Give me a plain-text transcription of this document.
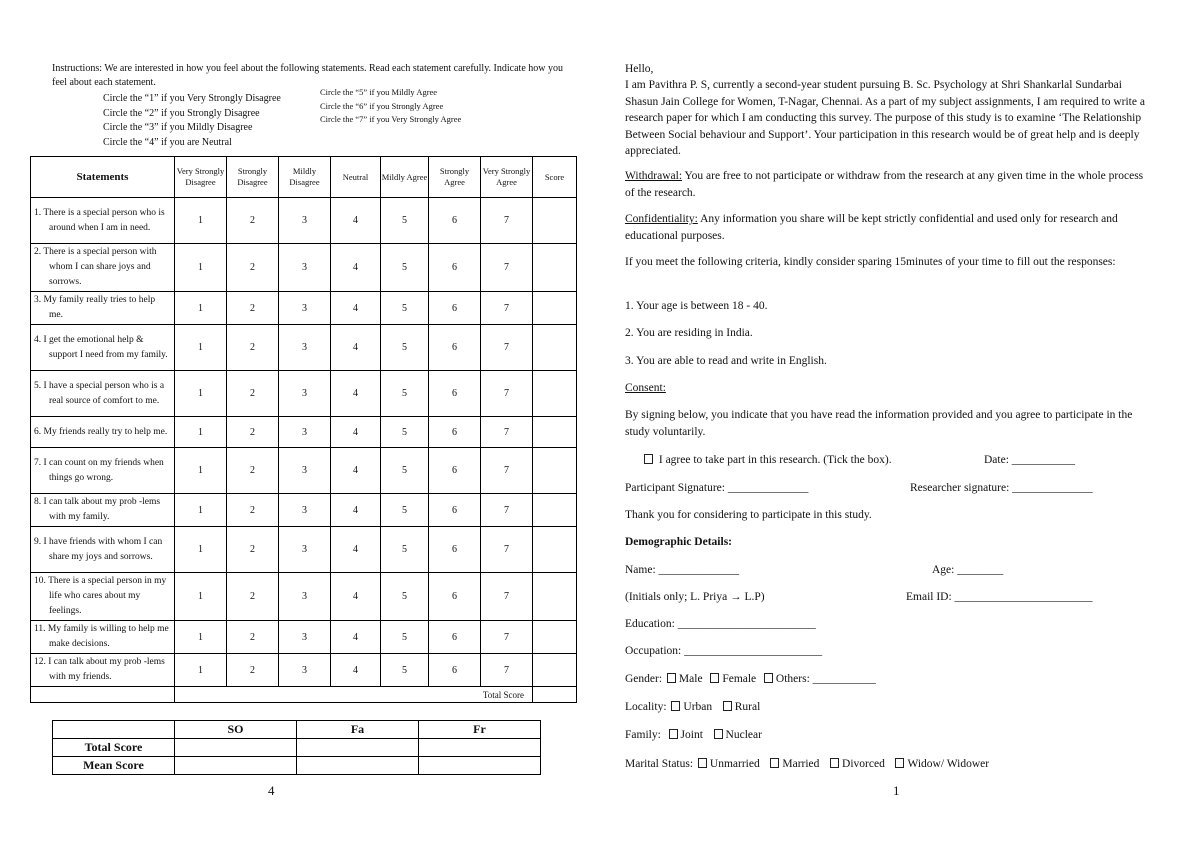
Instructions: We are interested in how you feel about the following statements. Read each statement carefully. Indicate how you feel about each statement.
Circle the “1” if you Very Strongly Disagree
Circle the “2” if you Strongly Disagree
Circle the “3” if you Mildly Disagree
Circle the “4” if you are Neutral
Circle the “5” if you Mildly Agree
Circle the “6” if you Strongly Agree
Circle the “7” if you Very Strongly Agree
Statements	Very Strongly Disagree	Strongly Disagree	Mildly Disagree	Neutral	Mildly Agree	Strongly Agree	Very Strongly Agree	Score
1. There is a special person who is around when I am in need.	1	2	3	4	5	6	7	
2. There is a special person with whom I can share joys and sorrows.	1	2	3	4	5	6	7	
3. My family really tries to help me.	1	2	3	4	5	6	7	
4. I get the emotional help & support I need from my family.	1	2	3	4	5	6	7	
5. I have a special person who is a real source of comfort to me.	1	2	3	4	5	6	7	
6. My friends really try to help me.	1	2	3	4	5	6	7	
7. I can count on my friends when things go wrong.	1	2	3	4	5	6	7	
8. I can talk about my prob -lems with my family.	1	2	3	4	5	6	7	
9. I have friends with whom I can share my joys and sorrows.	1	2	3	4	5	6	7	
10. There is a special person in my life who cares about my feelings.	1	2	3	4	5	6	7	
11. My family is willing to help me make decisions.	1	2	3	4	5	6	7	
12. I can talk about my prob -lems with my friends.	1	2	3	4	5	6	7	
	Total Score							
	SO	Fa	Fr
Total Score			
Mean Score			
4
Hello,
I am Pavithra P. S, currently a second-year student pursuing B. Sc. Psychology at Shri Shankarlal Sundarbai Shasun Jain College for Women, T-Nagar, Chennai. As a part of my subject assignments, I am required to write a research paper for which I am conducting this survey. The purpose of this study is to examine ‘The Relationship Between Social behaviour and Support’. Your participation in this research would be of great help and is deeply appreciated.
Withdrawal: You are free to not participate or withdraw from the research at any given time in the whole process of the research.
Confidentiality: Any information you share will be kept strictly confidential and used only for research and educational purposes.
If you meet the following criteria, kindly consider sparing 15minutes of your time to fill out the responses:
1. Your age is between 18 - 40.
2. You are residing in India.
3. You are able to read and write in English.
Consent:
By signing below, you indicate that you have read the information provided and you agree to participate in the study voluntarily.
I agree to take part in this research. (Tick the box).	Date: ___________
Participant Signature: ______________	Researcher signature: ______________
Thank you for considering to participate in this study.
Demographic Details:
Name: ______________	Age: ________
(Initials only; L. Priya → L.P)	Email ID: ________________________
Education: ________________________
Occupation: ________________________
Gender: Male Female Others: ___________
Locality: Urban Rural
Family: Joint Nuclear
Marital Status: Unmarried Married Divorced Widow/ Widower
1
